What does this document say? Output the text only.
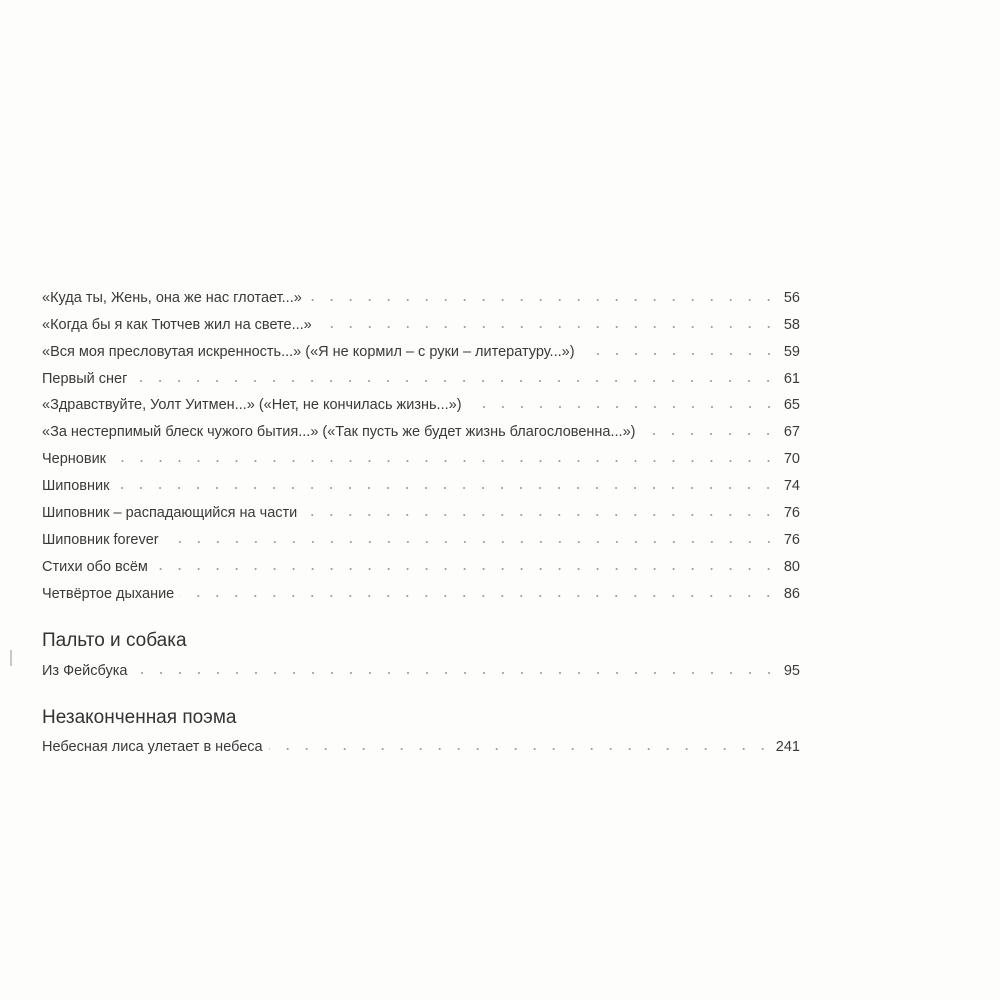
«Куда ты, Жень, она же нас глотает...»	56
«Когда бы я как Тютчев жил на свете...»	58
«Вся моя пресловутая искренность...» («Я не кормил – с руки – литературу...»)	59
Первый снег	61
«Здравствуйте, Уолт Уитмен...» («Нет, не кончилась жизнь...»)	65
«За нестерпимый блеск чужого бытия...» («Так пусть же будет жизнь благословенна...»)	67
Черновик	70
Шиповник	74
Шиповник – распадающийся на части	76
Шиповник forever	76
Стихи обо всём	80
Четвёртое дыхание	86
Пальто и собака
Из Фейсбука	95
Незаконченная поэма
Небесная лиса улетает в небеса	241
